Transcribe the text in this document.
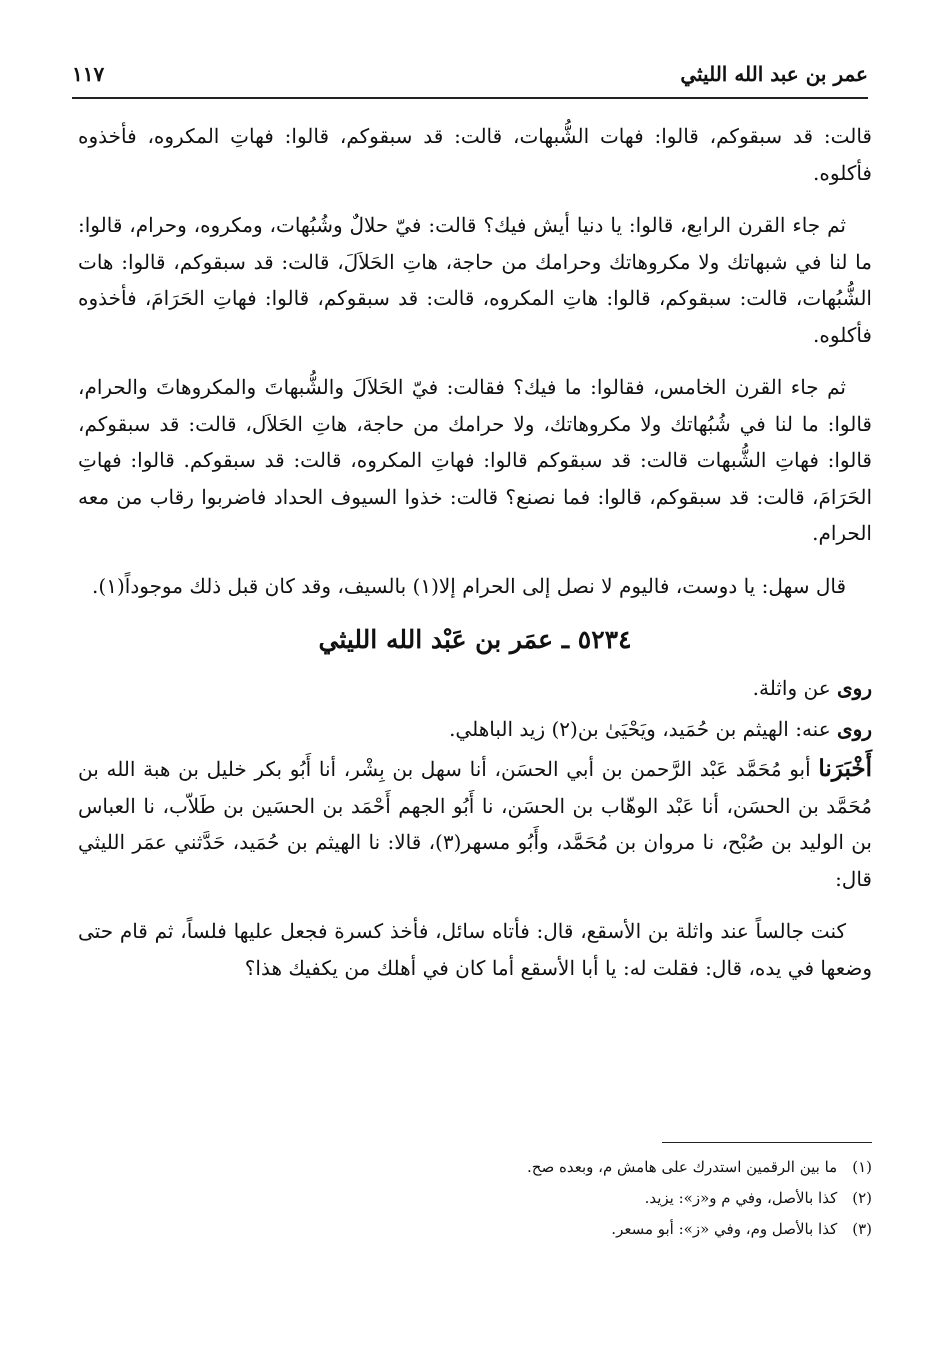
عمر بن عبد الله الليثي
١١٧

قالت: قد سبقوكم، قالوا: فهات الشُّبهات، قالت: قد سبقوكم، قالوا: فهاتِ المكروه، فأخذوه فأكلوه.

ثم جاء القرن الرابع، قالوا: يا دنيا أيش فيك؟ قالت: فيّ حلالٌ وشُبُهات، ومكروه، وحرام، قالوا: ما لنا في شبهاتك ولا مكروهاتك وحرامك من حاجة، هاتِ الحَلاَلَ، قالت: قد سبقوكم، قالوا: هات الشُّبُهات، قالت: سبقوكم، قالوا: هاتِ المكروه، قالت: قد سبقوكم، قالوا: فهاتِ الحَرَامَ، فأخذوه فأكلوه.

ثم جاء القرن الخامس، فقالوا: ما فيك؟ فقالت: فيّ الحَلاَلَ والشُّبهاتَ والمكروهاتَ والحرام، قالوا: ما لنا في شُبُهاتك ولا مكروهاتك، ولا حرامك من حاجة، هاتِ الحَلاَل، قالت: قد سبقوكم، قالوا: فهاتِ الشُّبهات قالت: قد سبقوكم قالوا: فهاتِ المكروه، قالت: قد سبقوكم. قالوا: فهاتِ الحَرَامَ، قالت: قد سبقوكم، قالوا: فما نصنع؟ قالت: خذوا السيوف الحداد فاضربوا رقاب من معه الحرام.

قال سهل: يا دوست، فاليوم لا نصل إلى الحرام إلا(١) بالسيف، وقد كان قبل ذلك موجوداً(١).

٥٢٣٤ ـ عمَر بن عَبْد الله الليثي

روى عن واثلة.

روى عنه: الهيثم بن حُمَيد، ويَحْيَىٰ بن(٢) زيد الباهلي.

أَخْبَرَنا أبو مُحَمَّد عَبْد الرَّحمن بن أبي الحسَن، أنا سهل بن بِشْر، أنا أَبُو بكر خليل بن هبة الله بن مُحَمَّد بن الحسَن، أنا عَبْد الوهّاب بن الحسَن، نا أَبُو الجهم أَحْمَد بن الحسَين بن طَلاّب، نا العباس بن الوليد بن صُبْح، نا مروان بن مُحَمَّد، وأَبُو مسهر(٣)، قالا: نا الهيثم بن حُمَيد، حَدَّثني عمَر الليثي قال:

كنت جالساً عند واثلة بن الأسقع، قال: فأتاه سائل، فأخذ كسرة فجعل عليها فلساً، ثم قام حتى وضعها في يده، قال: فقلت له: يا أبا الأسقع أما كان في أهلك من يكفيك هذا؟

(١) ما بين الرقمين استدرك على هامش م، وبعده صح.
(٢) كذا بالأصل، وفي م و«ز»: يزيد.
(٣) كذا بالأصل وم، وفي «ز»: أبو مسعر.
